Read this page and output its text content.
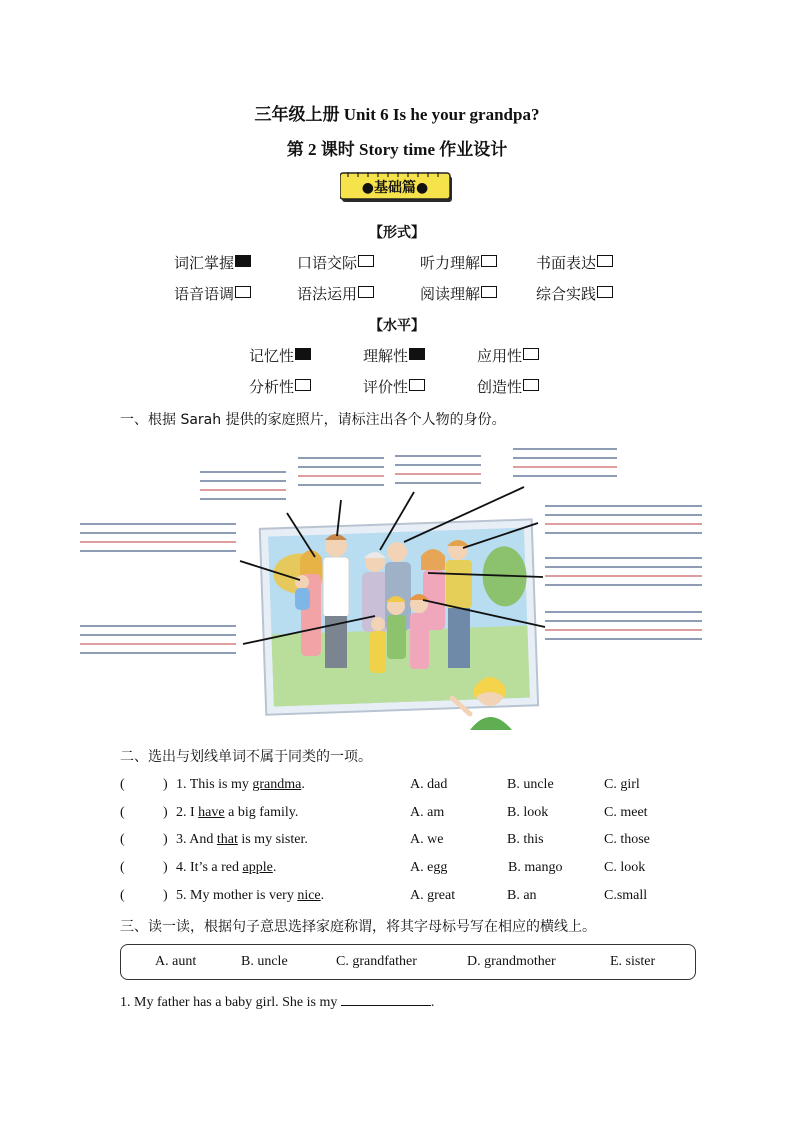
三年级上册 Unit 6 Is he your grandpa?
第 2 课时 Story time 作业设计
●基础篇●
【形式】
词汇掌握	口语交际	听力理解	书面表达
语音语调	语法运用	阅读理解	综合实践
【水平】
记忆性	理解性	应用性
分析性	评价性	创造性
一、根据 Sarah 提供的家庭照片，请标注出各个人物的身份。
二、选出与划线单词不属于同类的一项。
(	) 1. This is my grandma.	A. dad	B. uncle	C. girl
(	) 2. I have a big family.	A. am	B. look	C. meet
(	) 3. And that is my sister.	A. we	B. this	C. those
(	) 4. It’s a red apple.	A. egg	B. mango	C. look
(	) 5. My mother is very nice.	A. great	B. an	C.small
三、读一读，根据句子意思选择家庭称谓，将其字母标号写在相应的横线上。
A. aunt	B. uncle	C. grandfather	D. grandmother	E. sister
1. My father has a baby girl. She is my	.
